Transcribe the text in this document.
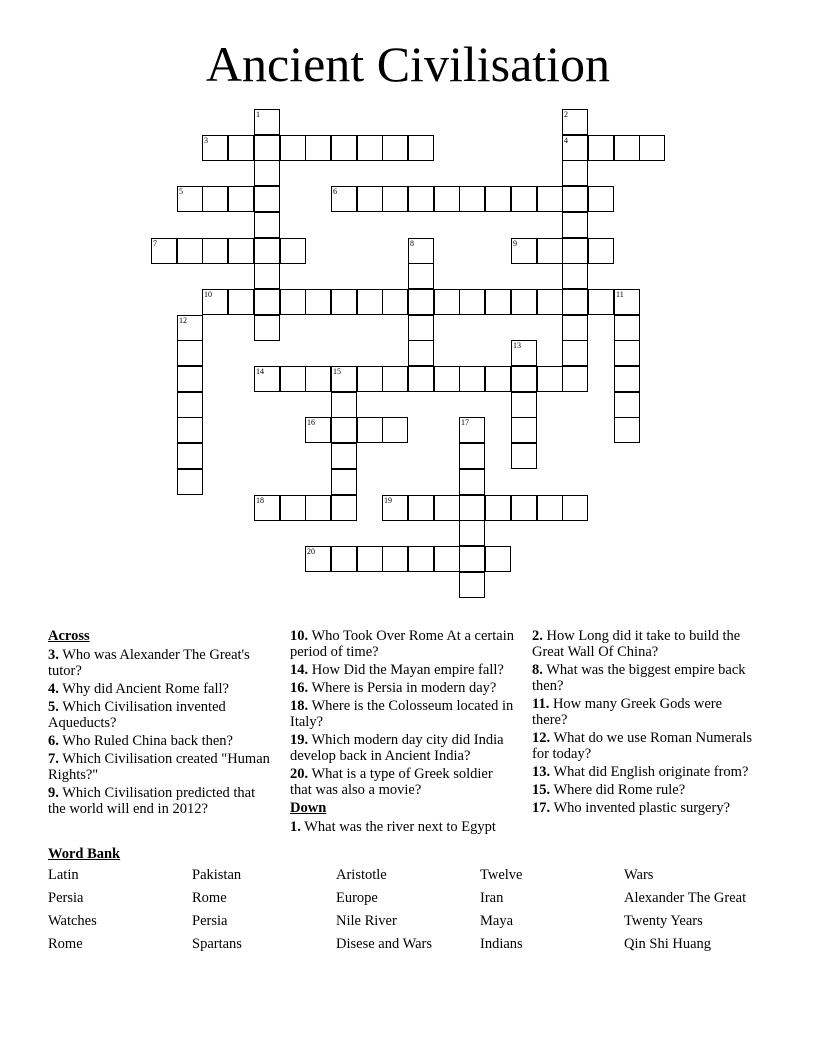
Ancient Civilisation
1	2
4
3
5	6
7	8	9
10	11
12
13
14	15
16	17
18	19
20
Across
3. Who was Alexander The Great's tutor?
4. Why did Ancient Rome fall?
5. Which Civilisation invented Aqueducts?
6. Who Ruled China back then?
7. Which Civilisation created "Human Rights?"
9. Which Civilisation predicted that the world will end in 2012?
10. Who Took Over Rome At a certain period of time?
14. How Did the Mayan empire fall?
16. Where is Persia in modern day?
18. Where is the Colosseum located in Italy?
19. Which modern day city did India develop back in Ancient India?
20. What is a type of Greek soldier that was also a movie?
Down
1. What was the river next to Egypt
2. How Long did it take to build the Great Wall Of China?
8. What was the biggest empire back then?
11. How many Greek Gods were there?
12. What do we use Roman Numerals for today?
13. What did English originate from?
15. Where did Rome rule?
17. Who invented plastic surgery?
Word Bank
Latin	Pakistan	Aristotle	Twelve	Wars
Persia	Rome	Europe	Iran	Alexander The Great
Watches	Persia	Nile River	Maya	Twenty Years
Rome	Spartans	Disese and Wars	Indians	Qin Shi Huang
